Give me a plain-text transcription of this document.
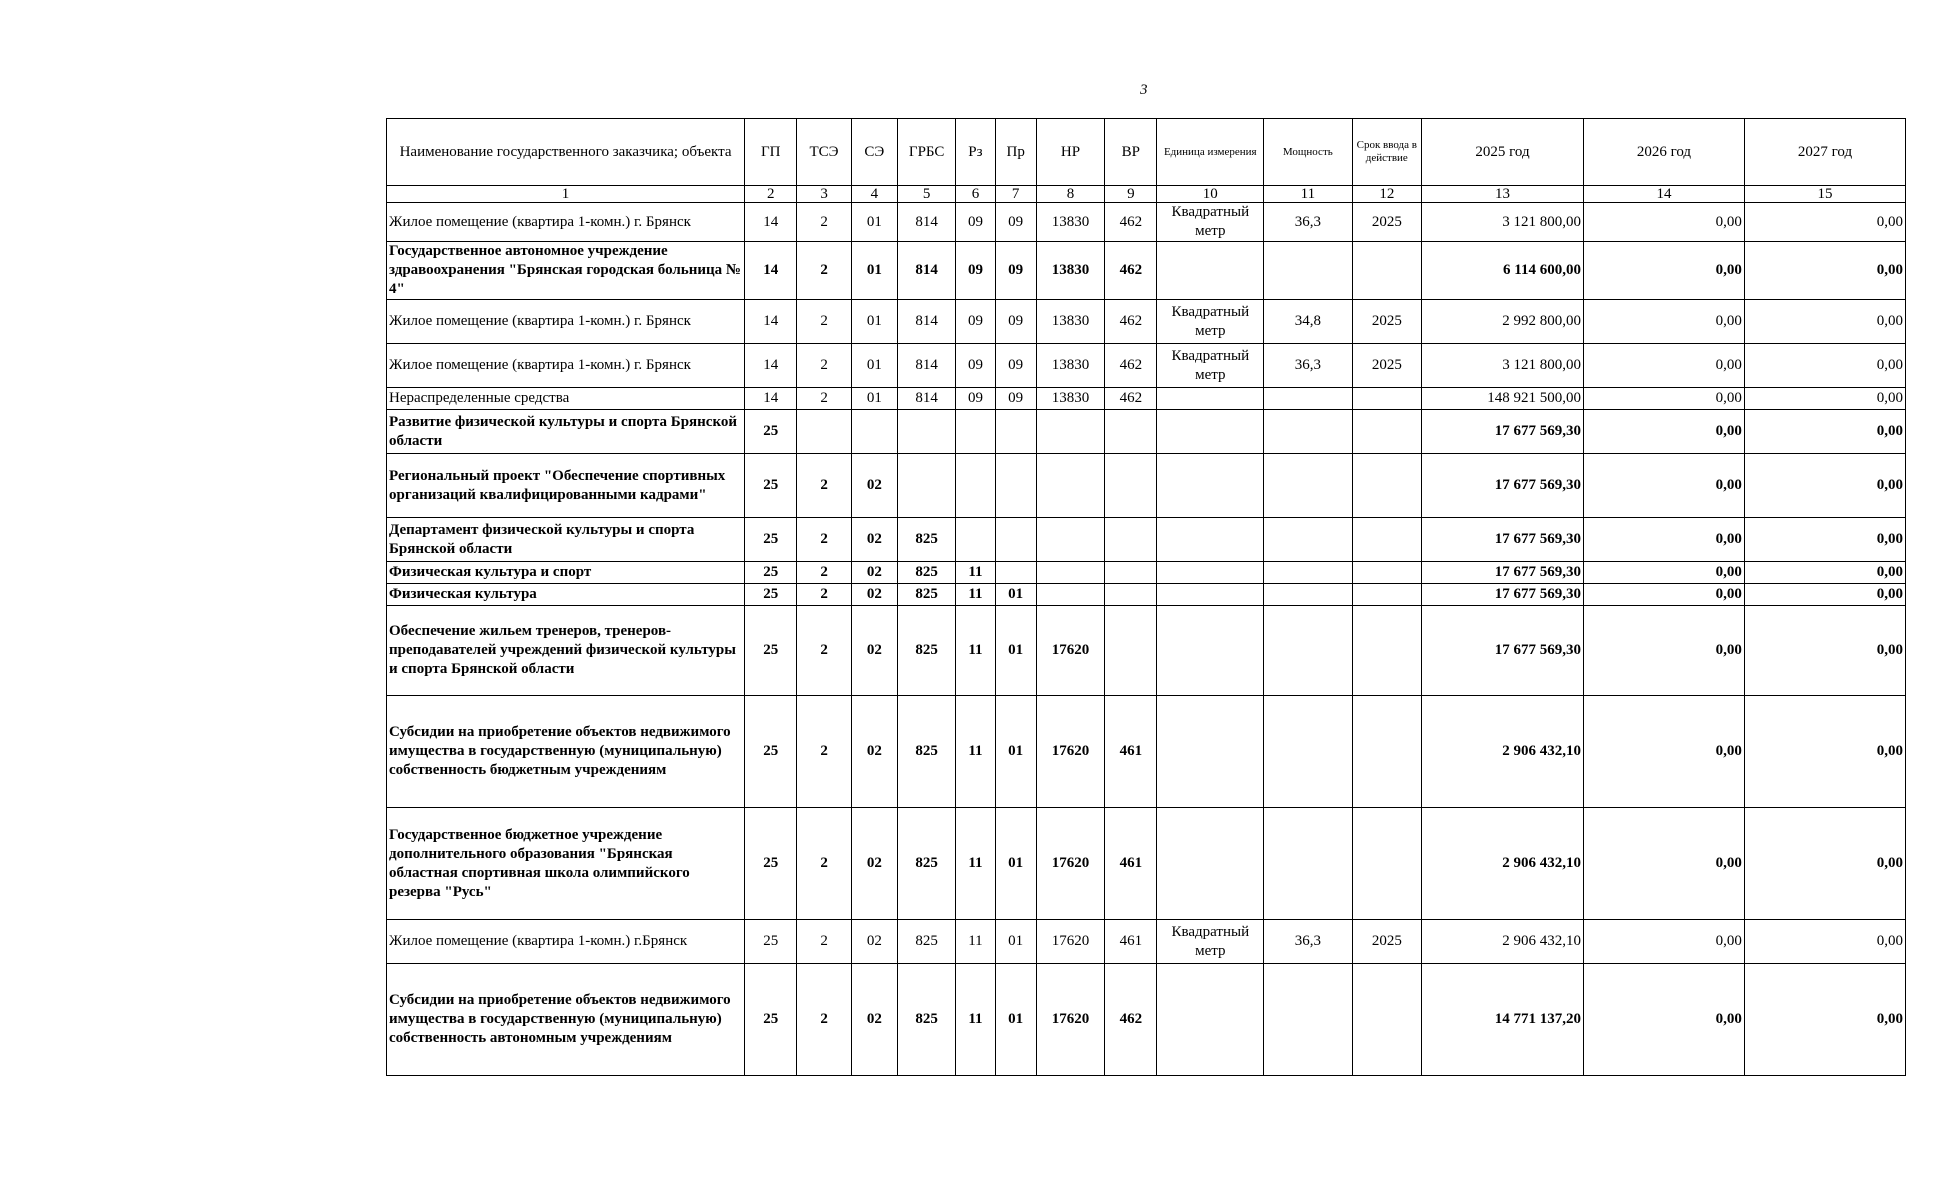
3
Наименование государственного заказчика; объекта	ГП	ТСЭ	СЭ	ГРБС	Рз	Пр	НР	ВР	Единица измерения	Мощность	Срок ввода в действие	2025 год	2026 год	2027 год
1	2	3	4	5	6	7	8	9	10	11	12	13	14	15
Жилое помещение (квартира 1-комн.) г. Брянск	14	2	01	814	09	09	13830	462	Квадратный метр	36,3	2025	3 121 800,00	0,00	0,00
Государственное автономное учреждение здравоохранения "Брянская городская больница № 4"	14	2	01	814	09	09	13830	462				6 114 600,00	0,00	0,00
Жилое помещение (квартира 1-комн.) г. Брянск	14	2	01	814	09	09	13830	462	Квадратный метр	34,8	2025	2 992 800,00	0,00	0,00
Жилое помещение (квартира 1-комн.) г. Брянск	14	2	01	814	09	09	13830	462	Квадратный метр	36,3	2025	3 121 800,00	0,00	0,00
Нераспределенные средства	14	2	01	814	09	09	13830	462				148 921 500,00	0,00	0,00
Развитие физической культуры и спорта Брянской области	25											17 677 569,30	0,00	0,00
Региональный проект "Обеспечение спортивных организаций квалифицированными кадрами"	25	2	02									17 677 569,30	0,00	0,00
Департамент физической культуры и спорта Брянской области	25	2	02	825								17 677 569,30	0,00	0,00
Физическая культура и спорт	25	2	02	825	11							17 677 569,30	0,00	0,00
Физическая культура	25	2	02	825	11	01						17 677 569,30	0,00	0,00
Обеспечение жильем тренеров, тренеров-преподавателей учреждений физической культуры и спорта Брянской области	25	2	02	825	11	01	17620					17 677 569,30	0,00	0,00
Субсидии на приобретение объектов недвижимого имущества в государственную (муниципальную) собственность бюджетным учреждениям	25	2	02	825	11	01	17620	461				2 906 432,10	0,00	0,00
Государственное бюджетное учреждение дополнительного образования "Брянская областная спортивная школа олимпийского резерва "Русь"	25	2	02	825	11	01	17620	461				2 906 432,10	0,00	0,00
Жилое помещение (квартира 1-комн.) г.Брянск	25	2	02	825	11	01	17620	461	Квадратный метр	36,3	2025	2 906 432,10	0,00	0,00
Субсидии на приобретение объектов недвижимого имущества в государственную (муниципальную) собственность автономным учреждениям	25	2	02	825	11	01	17620	462				14 771 137,20	0,00	0,00
